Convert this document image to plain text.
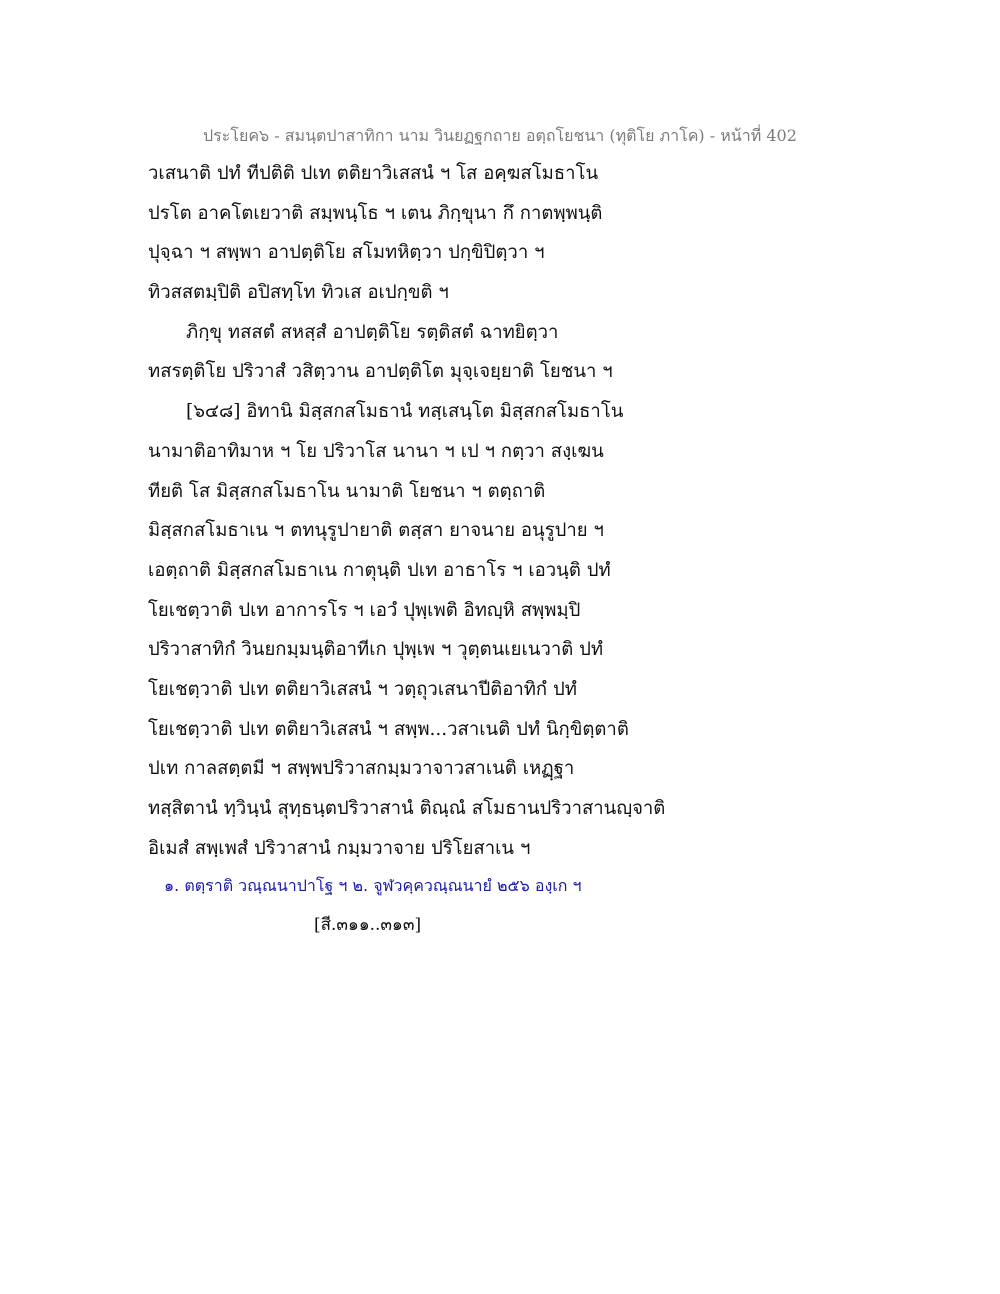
ประโยค๖ - สมนฺตปาสาทิกา นาม วินยฏฐกถาย อตฺถโยชนา (ทุติโย ภาโค) - หน้าที่ 402
วเสนาติ ปทํ ทีปติติ ปเท ตติยาวิเสสนํ ฯ โส อคฺฆสโมธาโน
ปรโต อาคโตเยวาติ สมฺพนฺโธ ฯ เตน ภิกฺขุนา กึ กาตพฺพนฺติ
ปุจฺฉา ฯ สพฺพา อาปตฺติโย สโมทหิตฺวา ปกฺขิปิตฺวา ฯ
ทิวสสตมฺปิติ อปิสทฺโท ทิวเส อเปกฺขติ ฯ
ภิกฺขุ ทสสตํ สหสฺสํ อาปตฺติโย รตฺติสตํ ฉาทยิตฺวา
ทสรตฺติโย ปริวาสํ วสิตฺวาน อาปตฺติโต มุจฺเจยฺยาติ โยชนา ฯ
[๖๔๘] อิทานิ มิสฺสกสโมธานํ ทสฺเสนฺโต มิสฺสกสโมธาโน
นามาติอาทิมาห ฯ โย ปริวาโส นานา ฯ เป ฯ กตฺวา สงฺเฆน
ทียติ โส มิสฺสกสโมธาโน นามาติ โยชนา ฯ ตตฺถาติ
มิสฺสกสโมธาเน ฯ ตทนุรูปายาติ ตสฺสา ยาจนาย อนุรูปาย ฯ
เอตฺถาติ มิสฺสกสโมธาเน กาตุนฺติ ปเท อาธาโร ฯ เอวนฺติ ปทํ
โยเชตฺวาติ ปเท อาการโร ฯ เอวํ ปุพฺเพติ อิทญฺหิ สพฺพมฺปิ
ปริวาสาทิกํ วินยกมฺมนฺติอาทีเก ปุพฺเพ ฯ วุตฺตนเยเนวาติ ปทํ
โยเชตฺวาติ ปเท ตติยาวิเสสนํ ฯ วตฺถุวเสนาปีติอาทิกํ ปทํ
โยเชตฺวาติ ปเท ตติยาวิเสสนํ ฯ สพฺพ...วสาเนติ ปทํ นิกฺขิตฺตาติ
ปเท กาลสตฺตมี ฯ สพฺพปริวาสกมฺมวาจาวสาเนติ เหฏฺฐา
ทสฺสิตานํ ทฺวินฺนํ สุทฺธนฺตปริวาสานํ ติณฺณํ สโมธานปริวาสานญฺจาติ
อิเมสํ สพฺเพสํ ปริวาสานํ กมฺมวาจาย ปริโยสาเน ฯ
๑. ตตฺราติ วณฺณนาปาโฐ ฯ ๒. จูฬวคฺควณฺณนายํ ๒๕๖ องฺเก ฯ
[สี.๓๑๑..๓๑๓]
